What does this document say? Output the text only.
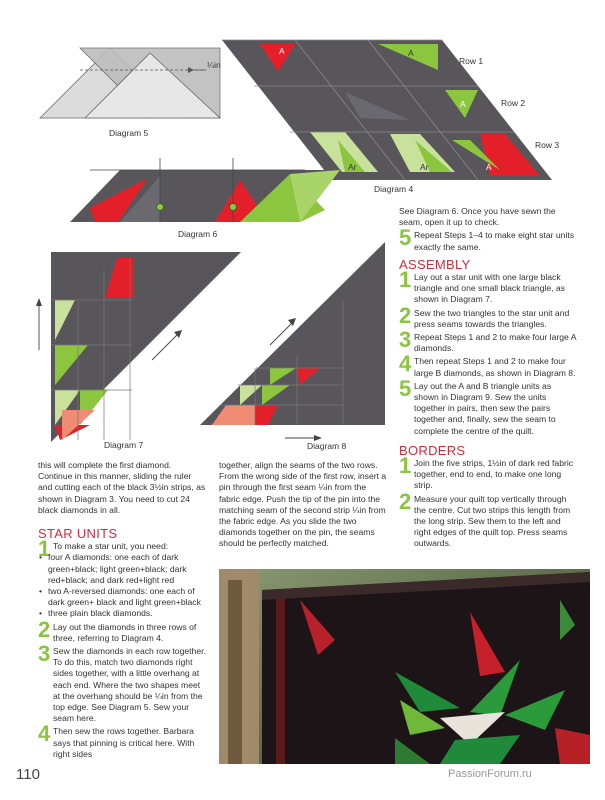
¼in
Diagram 5
A	A
A
Ar	Ar	A
Row 1
Row 2
Row 3
Diagram 4
Diagram 6
Diagram 7	Diagram 8

this will complete the first diamond. Continue in this manner, sliding the ruler and cutting each of the black 3½in strips, as shown in Diagram 3. You need to cut 24 black diamonds in all.

STAR UNITS
1 To make a star unit, you need:
• four A diamonds: one each of dark green+black; light green+black; dark red+black; and dark red+light red
• two A-reversed diamonds: one each of dark green+ black and light green+black
• three plain black diamonds.
2 Lay out the diamonds in three rows of three, referring to Diagram 4.
3 Sew the diamonds in each row together. To do this, match two diamonds right sides together, with a little overhang at each end. Where the two shapes meet at the overhang should be ¼in from the top edge. See Diagram 5. Sew your seam here.
4 Then sew the rows together. Barbara says that pinning is critical here. With right sides

together, align the seams of the two rows. From the wrong side of the first row, insert a pin through the first seam ¼in from the fabric edge. Push the tip of the pin into the matching seam of the second strip ¼in from the fabric edge. As you slide the two diamonds together on the pin, the seams should be perfectly matched.

See Diagram 6. Once you have sewn the seam, open it up to check.

5 Repeat Steps 1–4 to make eight star units exactly the same.
ASSEMBLY
1 Lay out a star unit with one large black triangle and one small black triangle, as shown in Diagram 7.
2 Sew the two triangles to the star unit and press seams towards the triangles.
3 Repeat Steps 1 and 2 to make four large A diamonds.
4 Then repeat Steps 1 and 2 to make four large B diamonds, as shown in Diagram 8.
5 Lay out the A and B triangle units as shown in Diagram 9. Sew the units together in pairs, then sew the pairs together and, finally, sew the seam to complete the centre of the quilt.
BORDERS
1 Join the five strips, 1½in of dark red fabric together, end to end, to make one long strip.
2 Measure your quilt top vertically through the centre. Cut two strips this length from the long strip. Sew them to the left and right edges of the quilt top. Press seams outwards.
110	PassionForum.ru
